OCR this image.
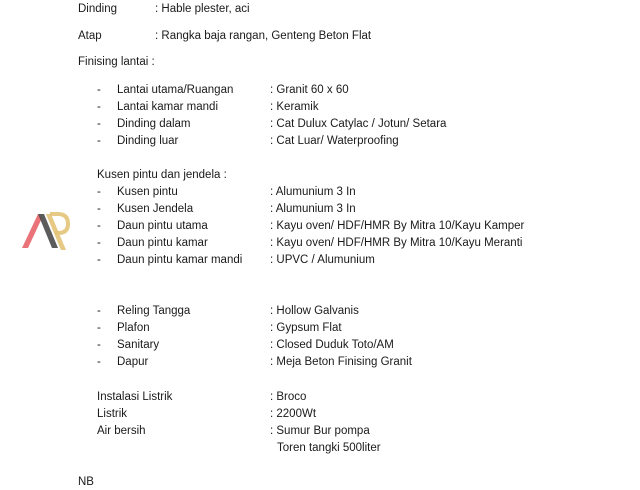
Dinding	: Hable plester, aci
Atap	: Rangka baja rangan, Genteng Beton Flat
Finising lantai :
- Lantai utama/Ruangan	: Granit 60 x 60
- Lantai kamar mandi	: Keramik
- Dinding dalam	: Cat Dulux Catylac / Jotun/ Setara
- Dinding luar	: Cat Luar/ Waterproofing
Kusen pintu dan jendela :
- Kusen pintu	: Alumunium 3 In
- Kusen Jendela	: Alumunium 3 In
- Daun pintu utama	: Kayu oven/ HDF/HMR By Mitra 10/Kayu Kamper
- Daun pintu kamar	: Kayu oven/ HDF/HMR By Mitra 10/Kayu Meranti
- Daun pintu kamar mandi : UPVC / Alumunium
- Reling Tangga	: Hollow Galvanis
- Plafon	: Gypsum Flat
- Sanitary	: Closed Duduk Toto/AM
- Dapur	: Meja Beton Finising Granit
Instalasi Listrik	: Broco
Listrik	: 2200Wt
Air bersih	: Sumur Bur pompa
Toren tangki 500liter
NB
